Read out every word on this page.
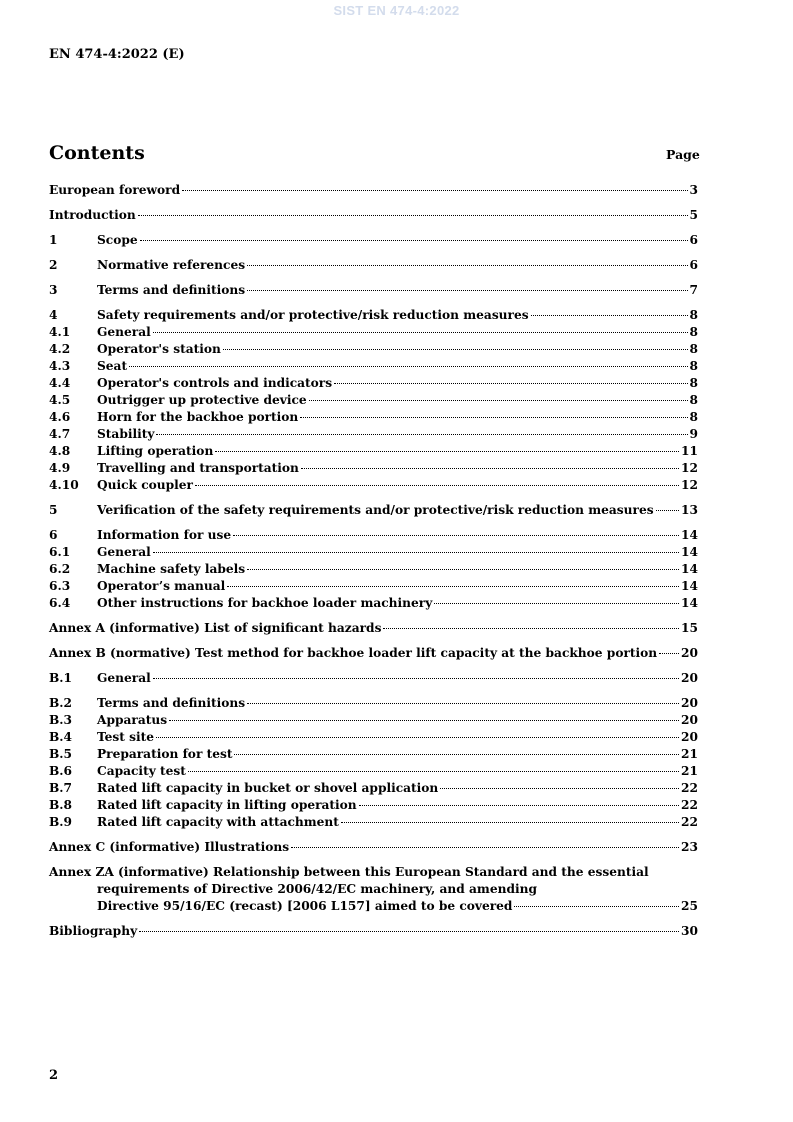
SIST EN 474-4:2022
EN 474-4:2022 (E)
Contents	Page
European foreword	3
Introduction	5
1	Scope	6
2	Normative references	6
3	Terms and definitions	7
4	Safety requirements and/or protective/risk reduction measures	8
4.1	General	8
4.2	Operator's station	8
4.3	Seat	8
4.4	Operator's controls and indicators	8
4.5	Outrigger up protective device	8
4.6	Horn for the backhoe portion	8
4.7	Stability	9
4.8	Lifting operation	11
4.9	Travelling and transportation	12
4.10	Quick coupler	12
5	Verification of the safety requirements and/or protective/risk reduction measures 13
6	Information for use	14
6.1	General	14
6.2	Machine safety labels	14
6.3	Operator’s manual	14
6.4	Other instructions for backhoe loader machinery	14
Annex A (informative) List of significant hazards	15
Annex B (normative) Test method for backhoe loader lift capacity at the backhoe portion 20
B.1	General	20
B.2	Terms and definitions	20
B.3	Apparatus	20
B.4	Test site	20
B.5	Preparation for test	21
B.6	Capacity test	21
B.7	Rated lift capacity in bucket or shovel application	22
B.8	Rated lift capacity in lifting operation	22
B.9	Rated lift capacity with attachment	22
Annex C (informative) Illustrations	23
Annex ZA (informative) Relationship between this European Standard and the essential
requirements of Directive 2006/42/EC machinery, and amending
Directive 95/16/EC (recast) [2006 L157] aimed to be covered	25
Bibliography	30
2
